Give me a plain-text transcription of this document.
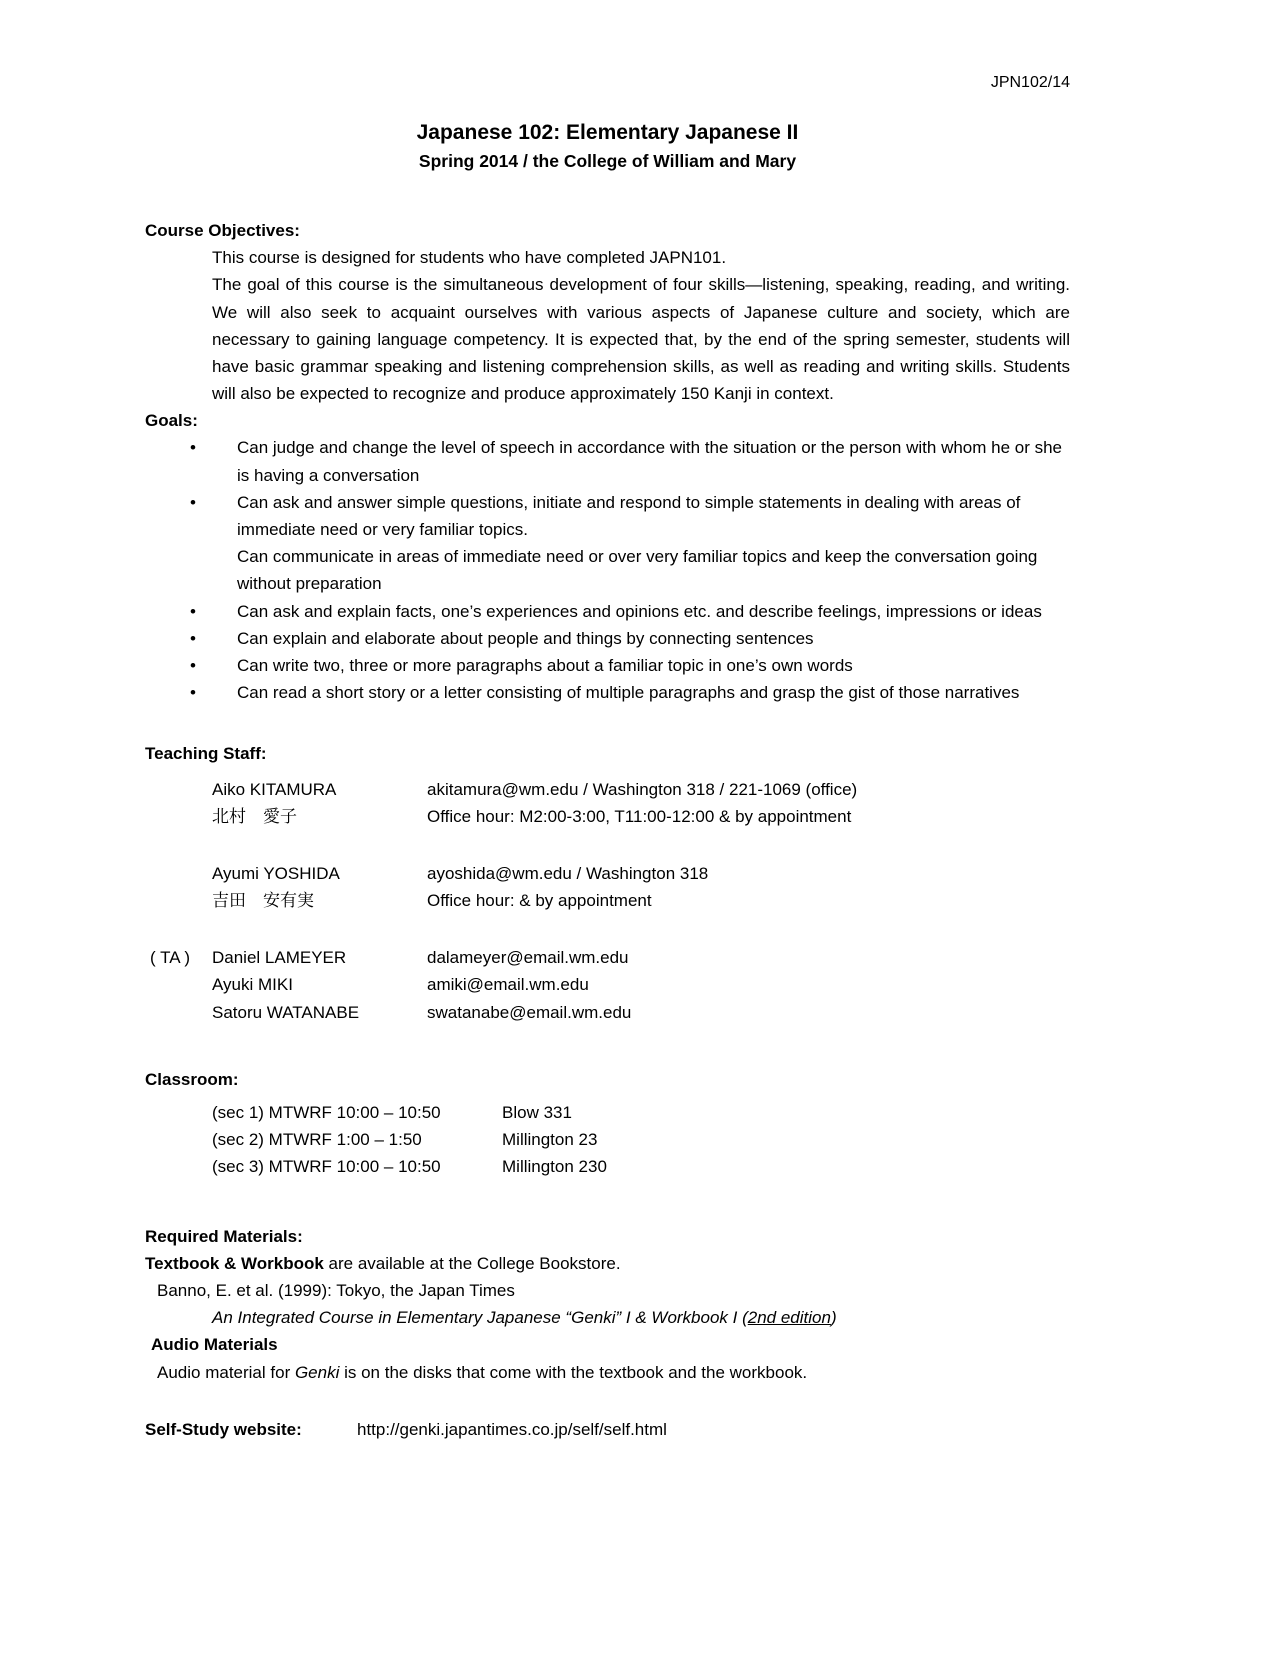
JPN102/14
Japanese 102: Elementary Japanese II
Spring 2014 / the College of William and Mary
Course Objectives:

This course is designed for students who have completed JAPN101.

The goal of this course is the simultaneous development of four skills—listening, speaking, reading, and writing. We will also seek to acquaint ourselves with various aspects of Japanese culture and society, which are necessary to gaining language competency. It is expected that, by the end of the spring semester, students will have basic grammar speaking and listening comprehension skills, as well as reading and writing skills. Students will also be expected to recognize and produce approximately 150 Kanji in context.

Goals:
•
Can judge and change the level of speech in accordance with the situation or the person with whom he or she is having a conversation
•
Can ask and answer simple questions, initiate and respond to simple statements in dealing with areas of immediate need or very familiar topics.
Can communicate in areas of immediate need or over very familiar topics and keep the conversation going without preparation
•
Can ask and explain facts, one’s experiences and opinions etc. and describe feelings, impressions or ideas
•
Can explain and elaborate about people and things by connecting sentences
•
Can write two, three or more paragraphs about a familiar topic in one’s own words
•
Can read a short story or a letter consisting of multiple paragraphs and grasp the gist of those narratives
Teaching Staff:
Aiko KITAMURA	akitamura@wm.edu / Washington 318 / 221-1069 (office)
北村　愛子	Office hour: M2:00-3:00, T11:00-12:00 & by appointment
Ayumi YOSHIDA	ayoshida@wm.edu / Washington 318
吉田　安有実	Office hour: & by appointment
( TA )	Daniel LAMEYER	dalameyer@email.wm.edu
Ayuki MIKI	amiki@email.wm.edu
Satoru WATANABE	swatanabe@email.wm.edu
Classroom:
(sec 1) MTWRF 10:00 – 10:50	Blow 331
(sec 2) MTWRF 1:00 – 1:50	Millington 23
(sec 3) MTWRF 10:00 – 10:50	Millington 230
Required Materials:

Textbook & Workbook are available at the College Bookstore.

Banno, E. et al. (1999): Tokyo, the Japan Times

An Integrated Course in Elementary Japanese “Genki” I & Workbook I (2nd edition)

Audio Materials

Audio material for Genki is on the disks that come with the textbook and the workbook.

Self-Study website:	http://genki.japantimes.co.jp/self/self.html
